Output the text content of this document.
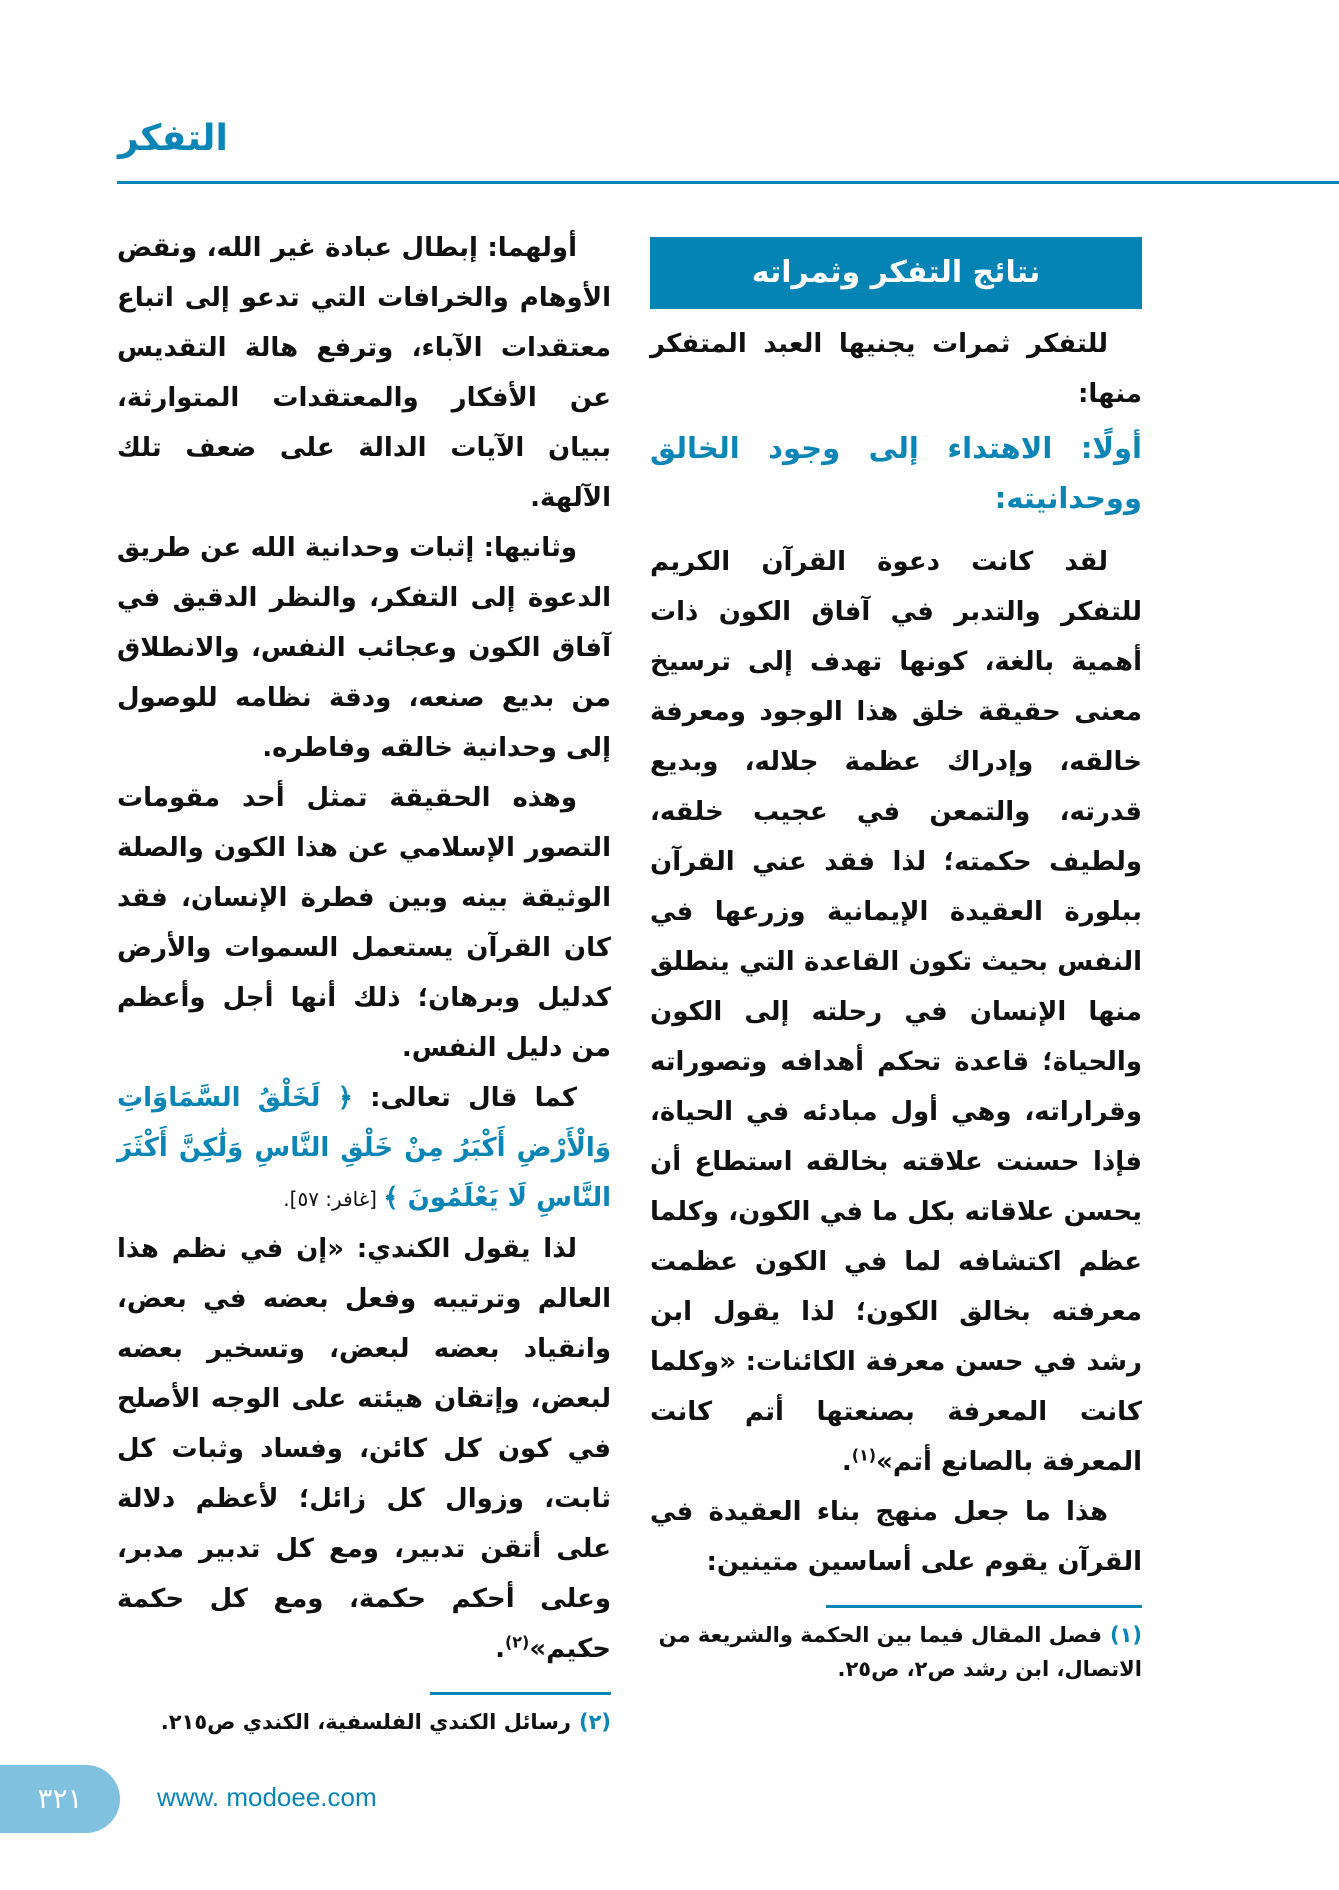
التفكر
نتائج التفكر وثمراته

للتفكر ثمرات يجنيها العبد المتفكر منها:

أولًا: الاهتداء إلى وجود الخالق ووحدانيته:

لقد كانت دعوة القرآن الكريم للتفكر والتدبر في آفاق الكون ذات أهمية بالغة، كونها تهدف إلى ترسيخ معنى حقيقة خلق هذا الوجود ومعرفة خالقه، وإدراك عظمة جلاله، وبديع قدرته، والتمعن في عجيب خلقه، ولطيف حكمته؛ لذا فقد عني القرآن ببلورة العقيدة الإيمانية وزرعها في النفس بحيث تكون القاعدة التي ينطلق منها الإنسان في رحلته إلى الكون والحياة؛ قاعدة تحكم أهدافه وتصوراته وقراراته، وهي أول مبادئه في الحياة، فإذا حسنت علاقته بخالقه استطاع أن يحسن علاقاته بكل ما في الكون، وكلما عظم اكتشافه لما في الكون عظمت معرفته بخالق الكون؛ لذا يقول ابن رشد في حسن معرفة الكائنات: «وكلما كانت المعرفة بصنعتها أتم كانت المعرفة بالصانع أتم»$^{(١)}$.

هذا ما جعل منهج بناء العقيدة في القرآن يقوم على أساسين متينين:

(١)فصل المقال فيما بين الحكمة والشريعة من الاتصال، ابن رشد ص٢، ص٢٥.

أولهما: إبطال عبادة غير الله، ونقض الأوهام والخرافات التي تدعو إلى اتباع معتقدات الآباء، وترفع هالة التقديس عن الأفكار والمعتقدات المتوارثة، ببيان الآيات الدالة على ضعف تلك الآلهة.

وثانيها: إثبات وحدانية الله عن طريق الدعوة إلى التفكر، والنظر الدقيق في آفاق الكون وعجائب النفس، والانطلاق من بديع صنعه، ودقة نظامه للوصول إلى وحدانية خالقه وفاطره.

وهذه الحقيقة تمثل أحد مقومات التصور الإسلامي عن هذا الكون والصلة الوثيقة بينه وبين فطرة الإنسان، فقد كان القرآن يستعمل السموات والأرض كدليل وبرهان؛ ذلك أنها أجل وأعظم من دليل النفس.

كما قال تعالى: ﴿ لَخَلْقُ السَّمَاوَاتِ وَالْأَرْضِ أَكْبَرُ مِنْ خَلْقِ النَّاسِ وَلَٰكِنَّ أَكْثَرَ النَّاسِ لَا يَعْلَمُونَ ﴾ [غافر: ٥٧].

لذا يقول الكندي: «إن في نظم هذا العالم وترتيبه وفعل بعضه في بعض، وانقياد بعضه لبعض، وتسخير بعضه لبعض، وإتقان هيئته على الوجه الأصلح في كون كل كائن، وفساد وثبات كل ثابت، وزوال كل زائل؛ لأعظم دلالة على أتقن تدبير، ومع كل تدبير مدبر، وعلى أحكم حكمة، ومع كل حكمة حكيم»$^{(٢)}$.

(٢)رسائل الكندي الفلسفية، الكندي ص٢١٥.
٣٢١	www. modoee.com
